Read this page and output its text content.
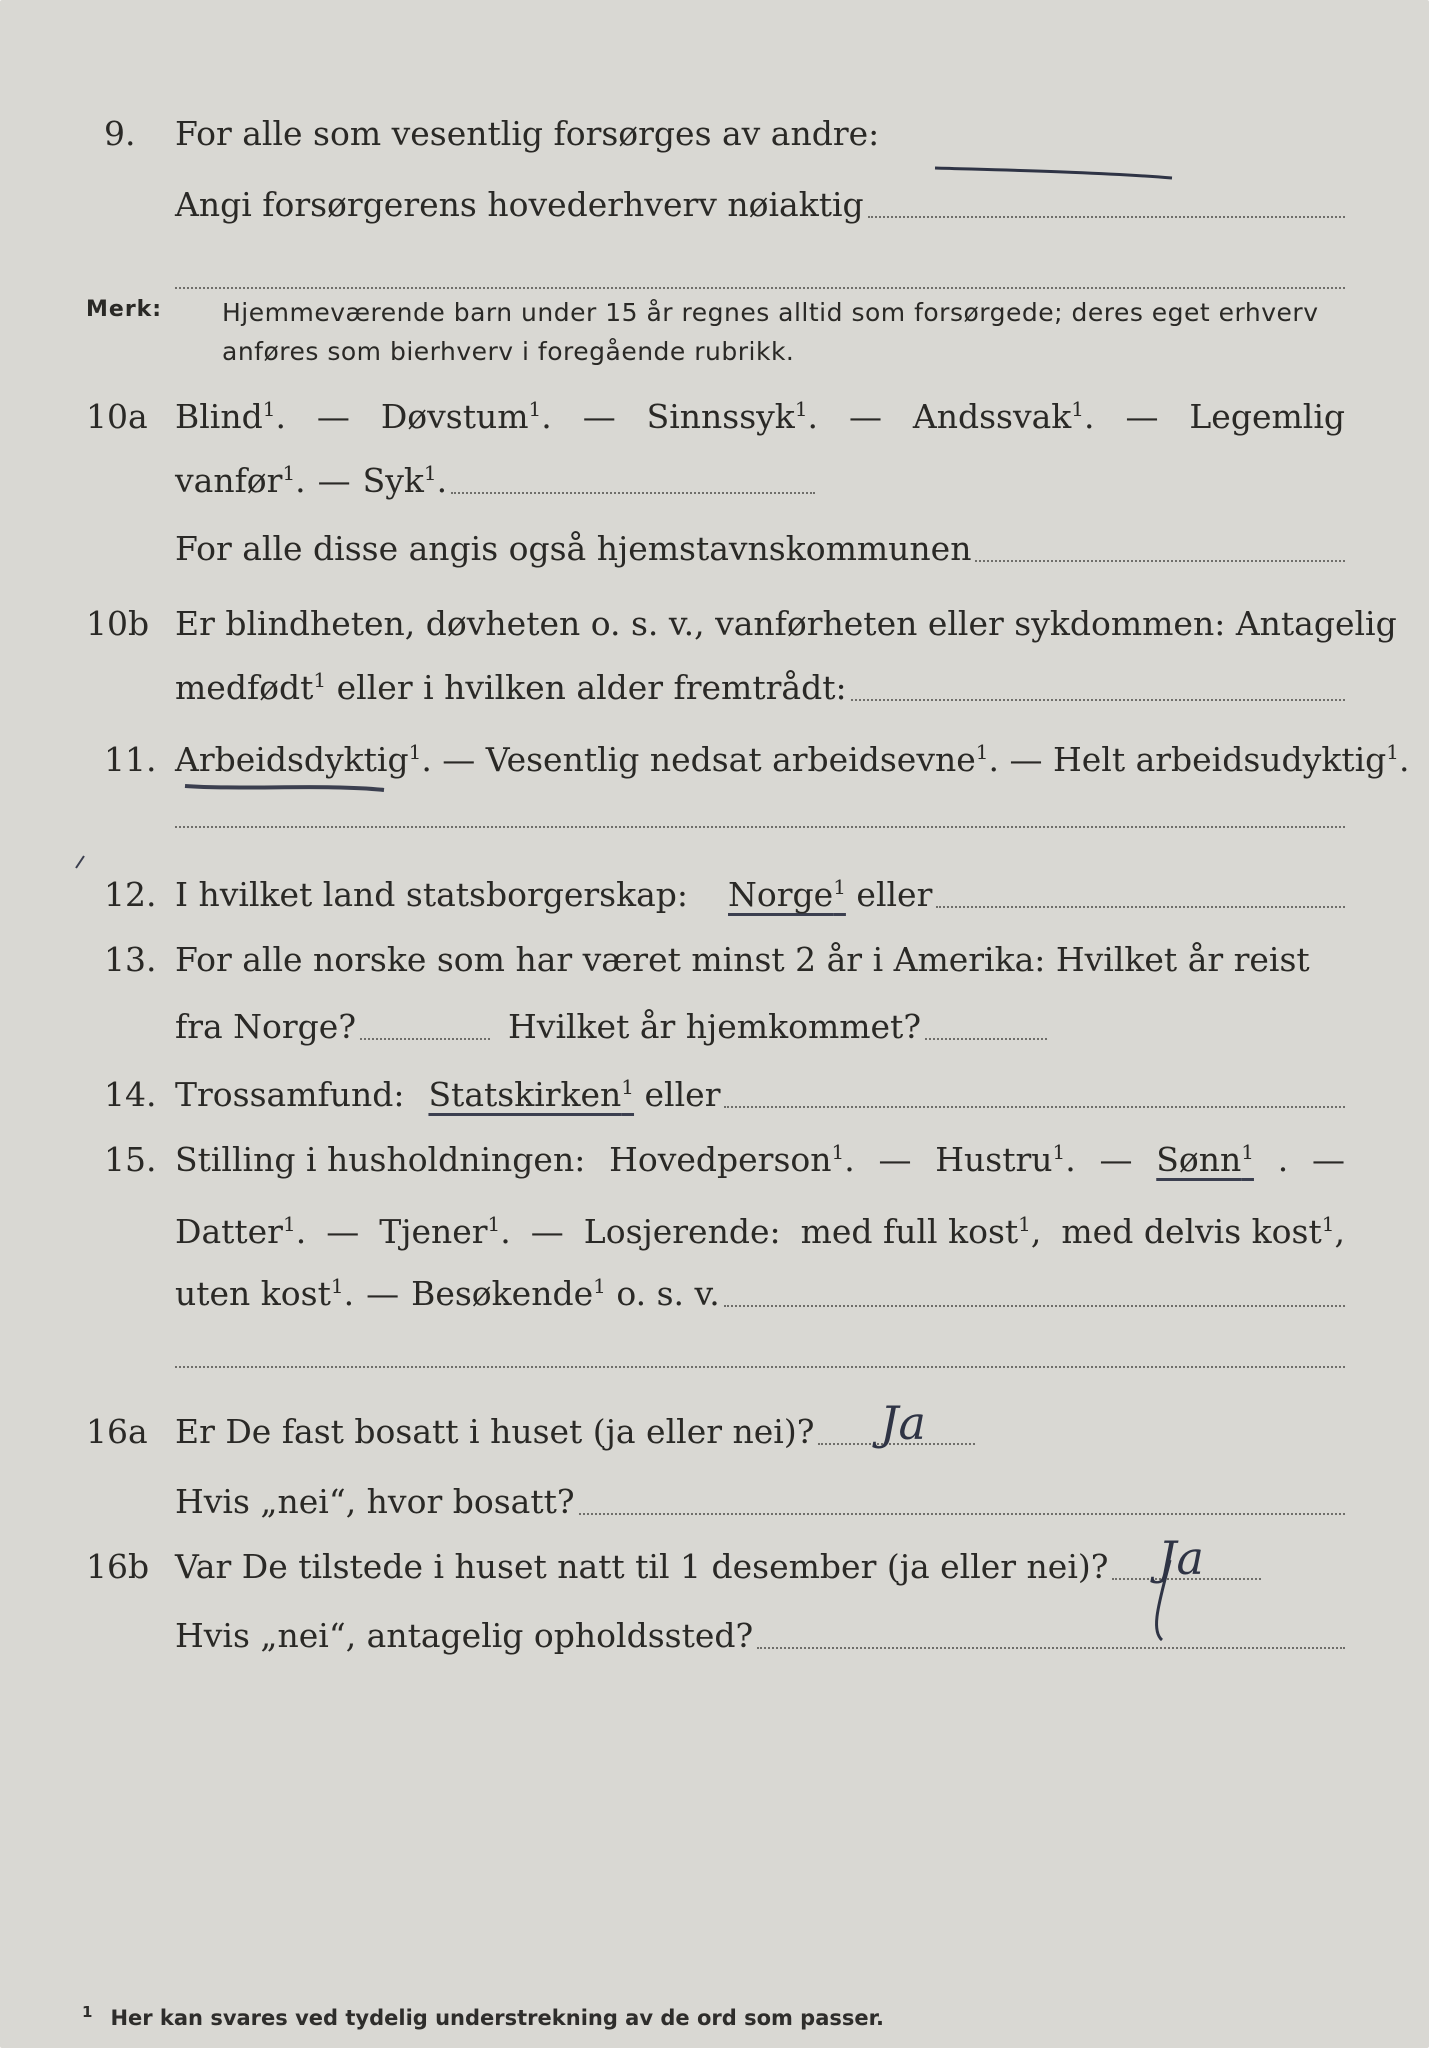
9. For alle som vesentlig forsørges av andre:
Angi forsørgerens hovederhverv nøiaktig
Merk: Hjemmeværende barn under 15 år regnes alltid som forsørgede; deres eget erhverv
anføres som bierhverv i foregående rubrikk.
10a Blind$^1$. — Døvstum$^1$. — Sinnssyk$^1$. — Andssvak$^1$. — Legemlig
vanfør$^1$. — Syk$^1$.
For alle disse angis også hjemstavnskommunen
10b Er blindheten, døvheten o. s. v., vanførheten eller sykdommen: Antagelig
medfødt$^1$ eller i hvilken alder fremtrådt:
11. Arbeidsdyktig$^1$ . — Vesentlig nedsat arbeidsevne$^1$ . — Helt arbeidsudyktig$^1$.
12. I hvilket land statsborgerskap: Norge$^1$ eller
13. For alle norske som har været minst 2 år i Amerika: Hvilket år reist
fra Norge?	Hvilket år hjemkommet?
14. Trossamfund: Statskirken$^1$ eller
15. Stilling i husholdningen: Hovedperson$^1$. — Hustru$^1$. — Sønn$^1$ . —
Datter$^1$. — Tjener$^1$. — Losjerende: med full kost$^1$, med delvis kost$^1$,
uten kost$^1$. — Besøkende$^1$ o. s. v.
16a Er De fast bosatt i huset (ja eller nei)? Ja
Hvis „nei“, hvor bosatt?
16b Var De tilstede i huset natt til 1 desember (ja eller nei)? Ja
Hvis „nei“, antagelig opholdssted?
$^1$ Her kan svares ved tydelig understrekning av de ord som passer.
